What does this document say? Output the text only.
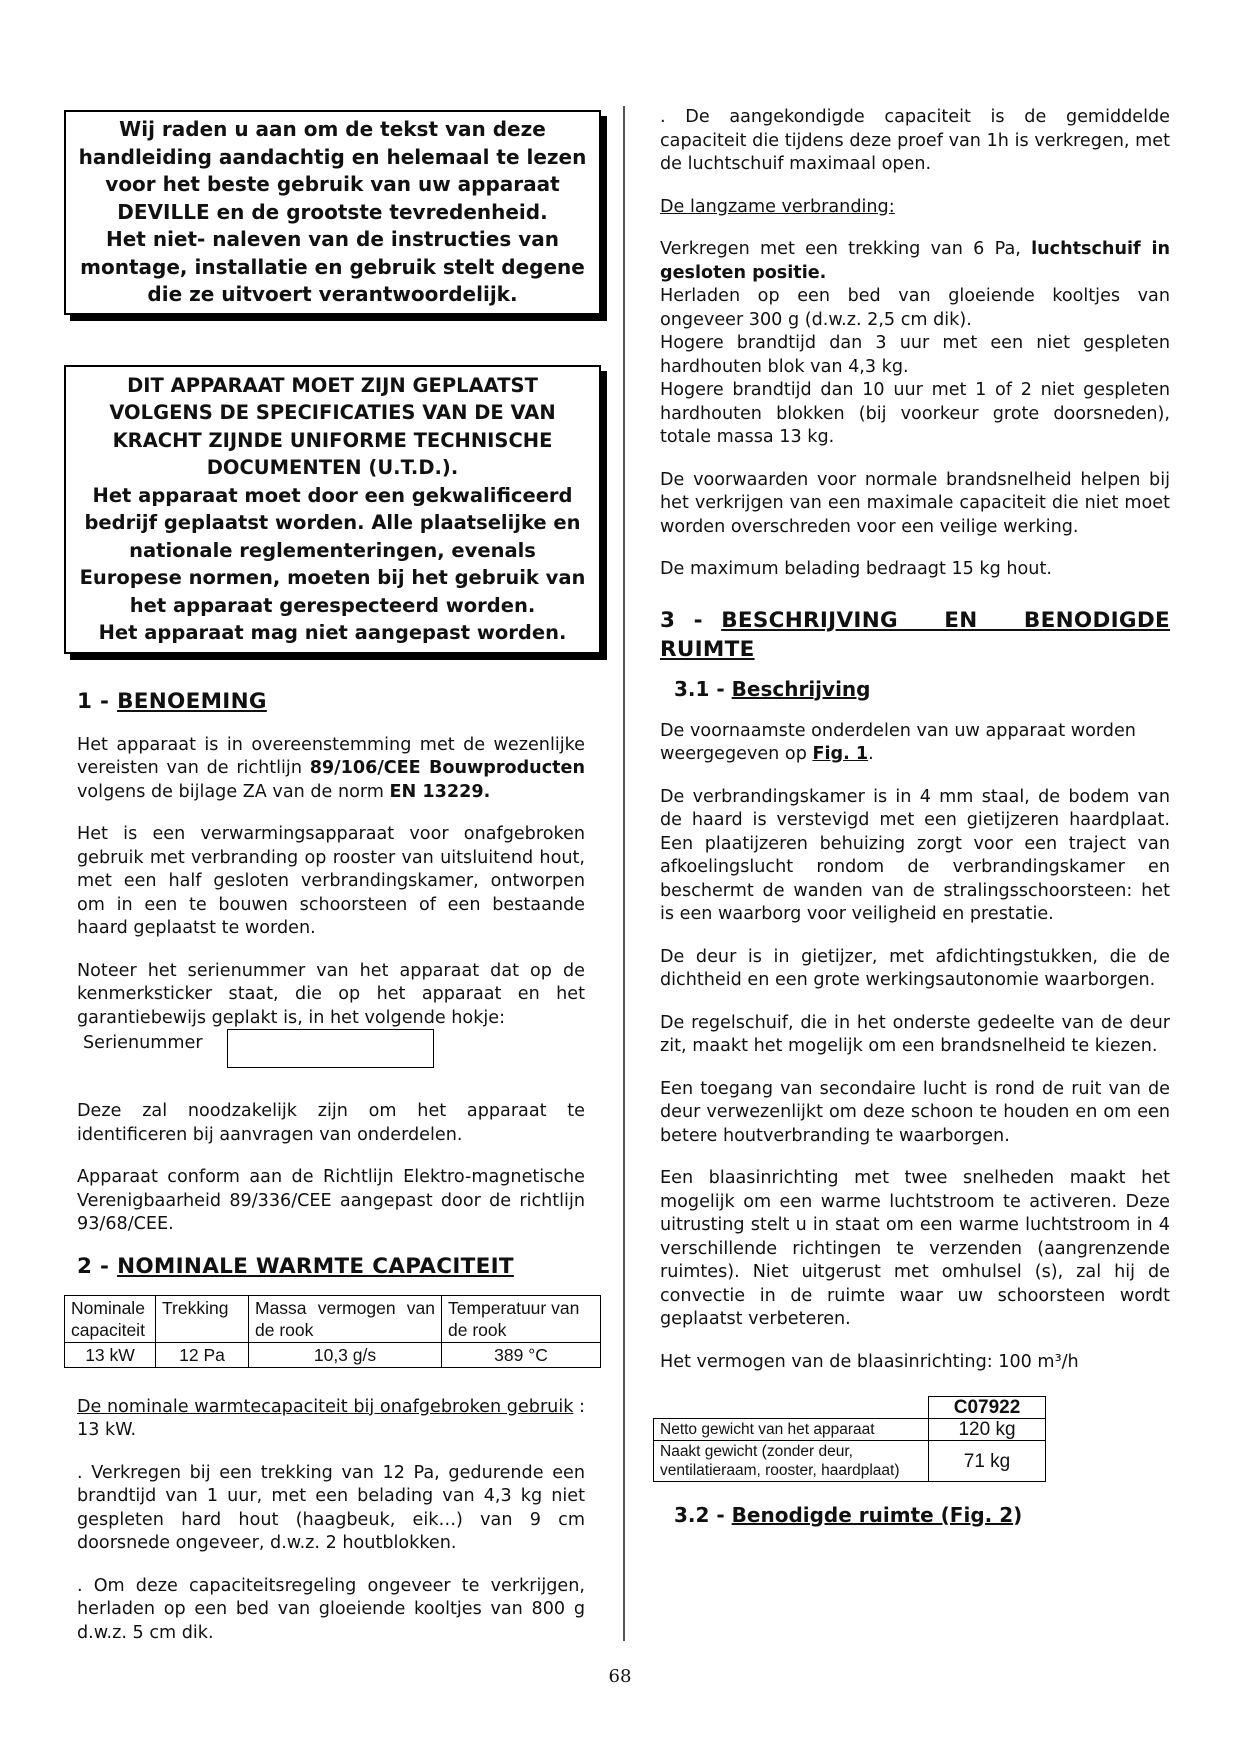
Wij raden u aan om de tekst van deze
handleiding aandachtig en helemaal te lezen
voor het beste gebruik van uw apparaat
DEVILLE en de grootste tevredenheid.
Het niet- naleven van de instructies van
montage, installatie en gebruik stelt degene
die ze uitvoert verantwoordelijk.
DIT APPARAAT MOET ZIJN GEPLAATST
VOLGENS DE SPECIFICATIES VAN DE VAN
KRACHT ZIJNDE UNIFORME TECHNISCHE
DOCUMENTEN (U.T.D.).
Het apparaat moet door een gekwalificeerd
bedrijf geplaatst worden. Alle plaatselijke en
nationale reglementeringen, evenals
Europese normen, moeten bij het gebruik van
het apparaat gerespecteerd worden.
Het apparaat mag niet aangepast worden.
1 - BENOEMING

Het apparaat is in overeenstemming met de wezenlijke vereisten van de richtlijn 89/106/CEE Bouwproducten volgens de bijlage ZA van de norm EN 13229.

Het is een verwarmingsapparaat voor onafgebroken gebruik met verbranding op rooster van uitsluitend hout, met een half gesloten verbrandingskamer, ontworpen om in een te bouwen schoorsteen of een bestaande haard geplaatst te worden.

Noteer het serienummer van het apparaat dat op de kenmerksticker staat, die op het apparaat en het garantiebewijs geplakt is, in het volgende hokje:

Serienummer

Deze zal noodzakelijk zijn om het apparaat te identificeren bij aanvragen van onderdelen.

Apparaat conform aan de Richtlijn Elektro-magnetische Verenigbaarheid 89/336/CEE aangepast door de richtlijn 93/68/CEE.

2 - NOMINALE WARMTE CAPACITEIT
Nominale capaciteit	Trekking	Massa vermogen van de rook	Temperatuur van de rook
13 kW	12 Pa	10,3 g/s	389 °C

De nominale warmtecapaciteit bij onafgebroken gebruik : 13 kW.

. Verkregen bij een trekking van 12 Pa, gedurende een brandtijd van 1 uur, met een belading van 4,3 kg niet gespleten hard hout (haagbeuk, eik…) van 9 cm doorsnede ongeveer, d.w.z. 2 houtblokken.

. Om deze capaciteitsregeling ongeveer te verkrijgen, herladen op een bed van gloeiende kooltjes van 800 g d.w.z. 5 cm dik.

. De aangekondigde capaciteit is de gemiddelde capaciteit die tijdens deze proef van 1h is verkregen, met de luchtschuif maximaal open.

De langzame verbranding:

Verkregen met een trekking van 6 Pa, luchtschuif in gesloten positie.
Herladen op een bed van gloeiende kooltjes van ongeveer 300 g (d.w.z. 2,5 cm dik).
Hogere brandtijd dan 3 uur met een niet gespleten hardhouten blok van 4,3 kg.
Hogere brandtijd dan 10 uur met 1 of 2 niet gespleten hardhouten blokken (bij voorkeur grote doorsneden), totale massa 13 kg.

De voorwaarden voor normale brandsnelheid helpen bij het verkrijgen van een maximale capaciteit die niet moet worden overschreden voor een veilige werking.

De maximum belading bedraagt 15 kg hout.

3 - BESCHRIJVING EN BENODIGDE
RUIMTE
3.1 - Beschrijving

De voornaamste onderdelen van uw apparaat worden weergegeven op Fig. 1.

De verbrandingskamer is in 4 mm staal, de bodem van de haard is verstevigd met een gietijzeren haardplaat. Een plaatijzeren behuizing zorgt voor een traject van afkoelingslucht rondom de verbrandingskamer en beschermt de wanden van de stralingsschoorsteen: het is een waarborg voor veiligheid en prestatie.

De deur is in gietijzer, met afdichtingstukken, die de dichtheid en een grote werkingsautonomie waarborgen.

De regelschuif, die in het onderste gedeelte van de deur zit, maakt het mogelijk om een brandsnelheid te kiezen.

Een toegang van secondaire lucht is rond de ruit van de deur verwezenlijkt om deze schoon te houden en om een betere houtverbranding te waarborgen.

Een blaasinrichting met twee snelheden maakt het mogelijk om een warme luchtstroom te activeren. Deze uitrusting stelt u in staat om een warme luchtstroom in 4 verschillende richtingen te verzenden (aangrenzende ruimtes). Niet uitgerust met omhulsel (s), zal hij de convectie in de ruimte waar uw schoorsteen wordt geplaatst verbeteren.

Het vermogen van de blaasinrichting: 100 m³/h

	C07922
Netto gewicht van het apparaat	120 kg

Naakt gewicht (zonder deur,
ventilatieraam, rooster, haardplaat)	71 kg
3.2 - Benodigde ruimte (Fig. 2)
68
